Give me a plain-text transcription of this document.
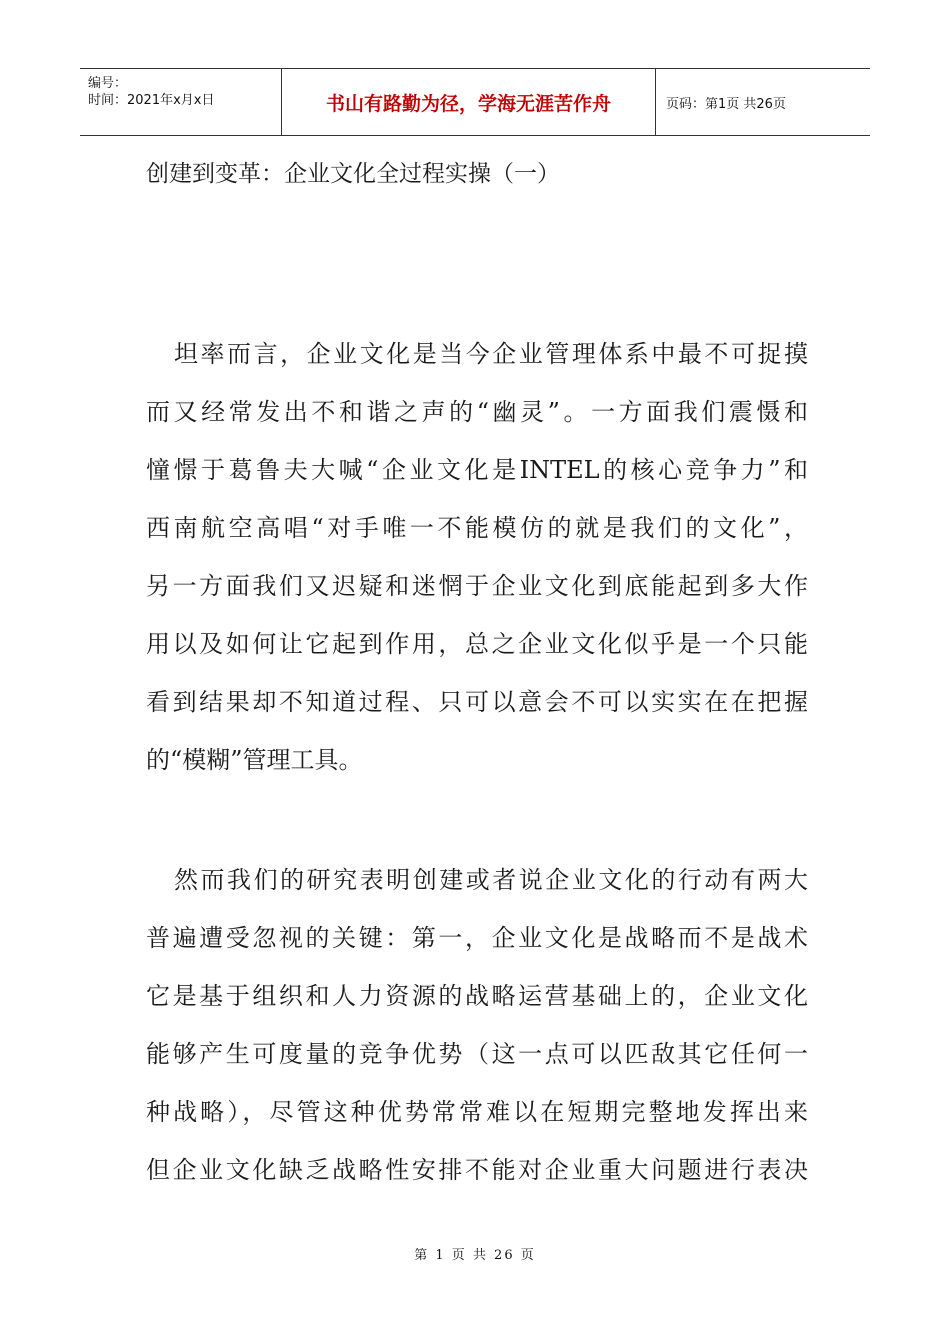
编号：
时间：2021年x月x日	书山有路勤为径，学海无涯苦作舟	页码：第1页 共26页
创建到变革：企业文化全过程实操（一）
坦率而言，企业文化是当今企业管理体系中最不可捉摸
而又经常发出不和谐之声的“幽灵”。一方面我们震慑和
憧憬于葛鲁夫大喊“企业文化是INTEL的核心竞争力”和
西南航空高唱“对手唯一不能模仿的就是我们的文化”，
另一方面我们又迟疑和迷惘于企业文化到底能起到多大作
用以及如何让它起到作用，总之企业文化似乎是一个只能
看到结果却不知道过程、只可以意会不可以实实在在把握
的“模糊”管理工具。
然而我们的研究表明创建或者说企业文化的行动有两大
普遍遭受忽视的关键：第一，企业文化是战略而不是战术
它是基于组织和人力资源的战略运营基础上的，企业文化
能够产生可度量的竞争优势（这一点可以匹敌其它任何一
种战略），尽管这种优势常常难以在短期完整地发挥出来
但企业文化缺乏战略性安排不能对企业重大问题进行表决
第 1 页 共 26 页
